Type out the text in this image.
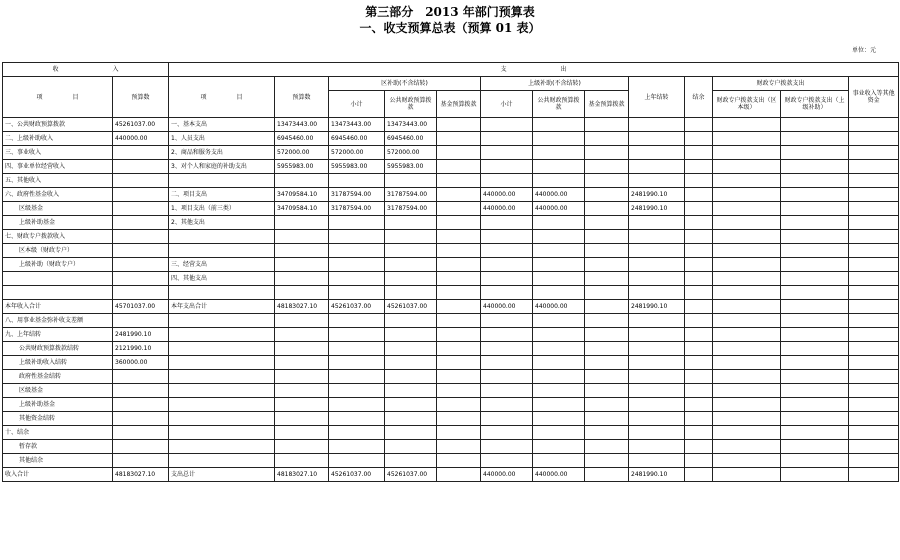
第三部分　2013 年部门预算表
一、收支预算总表（预算 01 表）
单位：元
收　　　　　　　　　入		支　　　　　　　　　出													
项　　　　　目	预算数	项　　　　　目	预算数	区补助(不含结转)			上级补助(不含结转)			上年结转	结余	财政专户拨款支出		事业收入等其他资金	
				小计	公共财政预算拨款	基金预算拨款	小计	公共财政预算拨款	基金预算拨款			财政专户拨款支出（区本级）	财政专户拨款支出（上级补助）		
一、公共财政预算拨款	45261037.00	一、基本支出	13473443.00	13473443.00	13473443.00										
二、上级补助收入	440000.00	1、人员支出	6945460.00	6945460.00	6945460.00										
三、事业收入		2、商品和服务支出	572000.00	572000.00	572000.00										
四、事业单位经营收入		3、对个人和家庭的补助支出	5955983.00	5955983.00	5955983.00										
五、其他收入															
六、政府性基金收入		二、项目支出	34709584.10	31787594.00	31787594.00		440000.00	440000.00		2481990.10					
区级基金		1、项目支出（前三类）	34709584.10	31787594.00	31787594.00		440000.00	440000.00		2481990.10					
上级补助基金		2、其他支出													
七、财政专户拨款收入															
区本级（财政专户）															
上级补助（财政专户）		三、经营支出													
		四、其他支出													

本年收入合计	45701037.00	本年支出合计	48183027.10	45261037.00	45261037.00		440000.00	440000.00		2481990.10					
八、用事业基金弥补收支差额															
九、上年结转	2481990.10														
公共财政预算拨款结转	2121990.10														
上级补助收入结转	360000.00														
政府性基金结转															
区级基金															
上级补助基金															
其他资金结转															
十、结余															
暂存款															
其他结余															
收入合计	48183027.10	支出总计	48183027.10	45261037.00	45261037.00		440000.00	440000.00		2481990.10					
